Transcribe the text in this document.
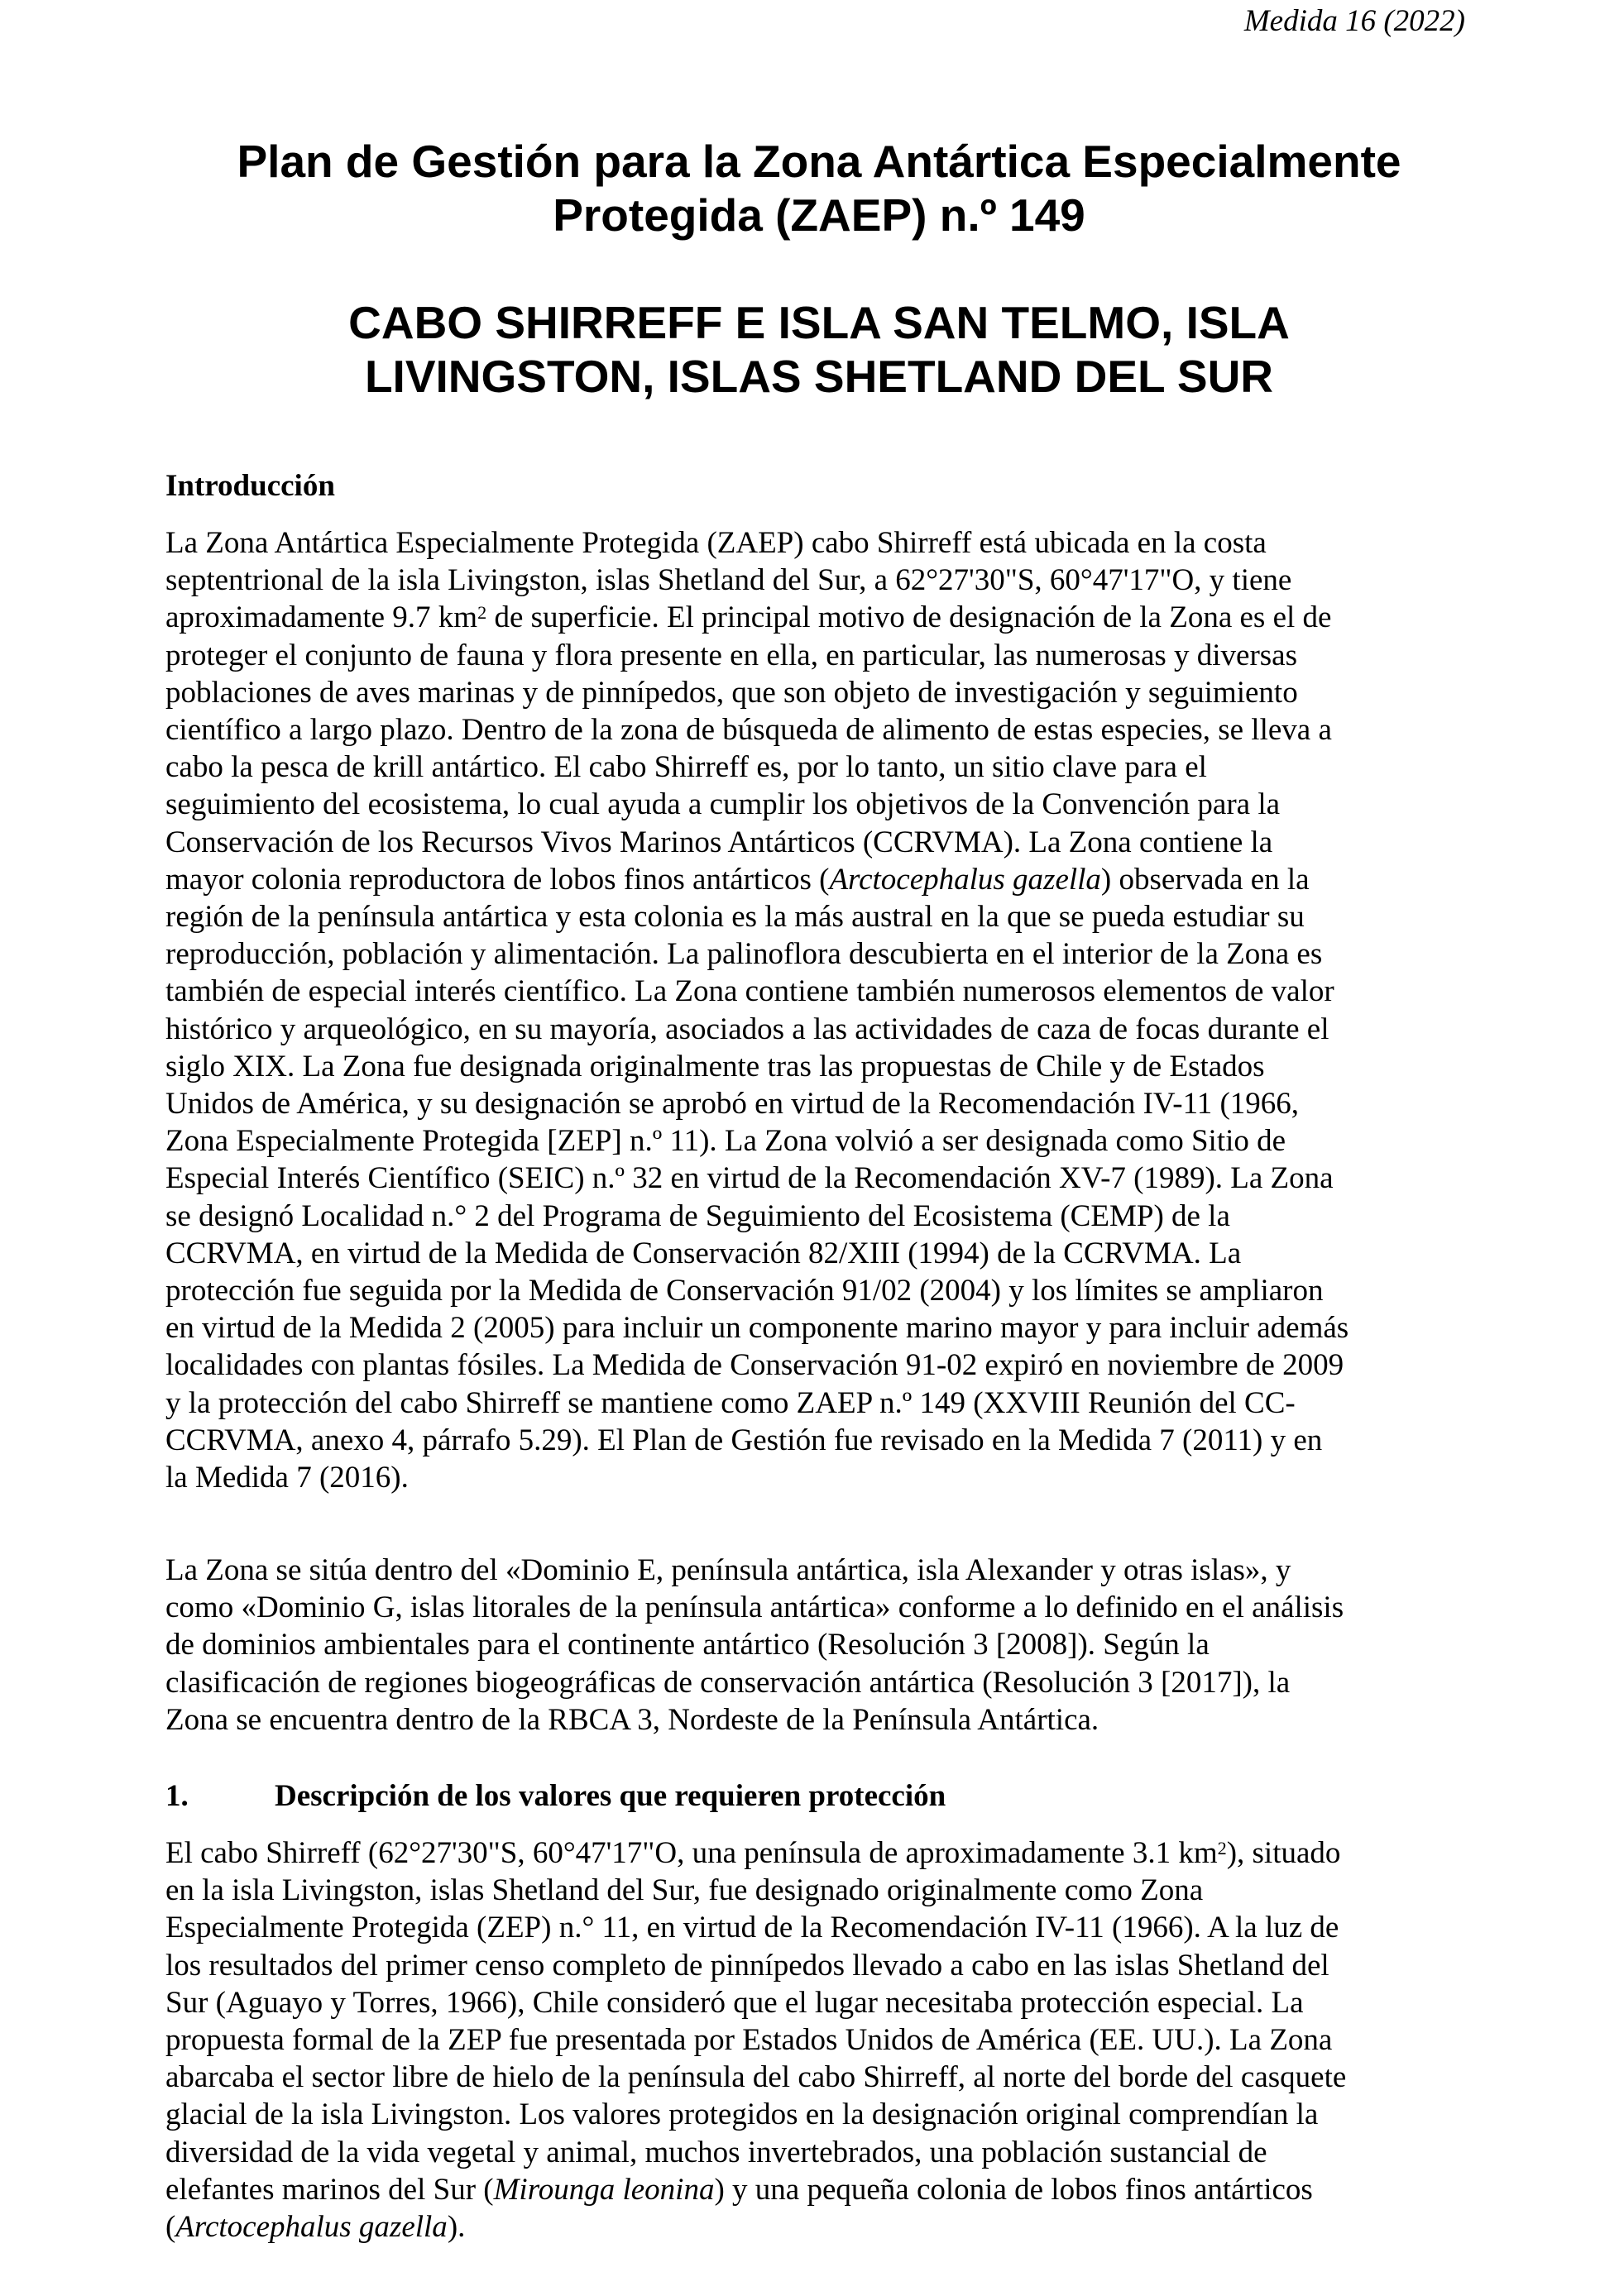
Medida 16 (2022)
Plan de Gestión para la Zona Antártica Especialmente
Protegida (ZAEP) n.º 149
CABO SHIRREFF E ISLA SAN TELMO, ISLA
LIVINGSTON, ISLAS SHETLAND DEL SUR
Introducción
La Zona Antártica Especialmente Protegida (ZAEP) cabo Shirreff está ubicada en la costa
septentrional de la isla Livingston, islas Shetland del Sur, a 62°27'30"S, 60°47'17"O, y tiene
aproximadamente 9.7 $km^2$ de superficie. El principal motivo de designación de la Zona es el de
proteger el conjunto de fauna y flora presente en ella, en particular, las numerosas y diversas
poblaciones de aves marinas y de pinnípedos, que son objeto de investigación y seguimiento
científico a largo plazo. Dentro de la zona de búsqueda de alimento de estas especies, se lleva a
cabo la pesca de krill antártico. El cabo Shirreff es, por lo tanto, un sitio clave para el
seguimiento del ecosistema, lo cual ayuda a cumplir los objetivos de la Convención para la
Conservación de los Recursos Vivos Marinos Antárticos (CCRVMA). La Zona contiene la
mayor colonia reproductora de lobos finos antárticos (Arctocephalus gazella) observada en la
región de la península antártica y esta colonia es la más austral en la que se pueda estudiar su
reproducción, población y alimentación. La palinoflora descubierta en el interior de la Zona es
también de especial interés científico. La Zona contiene también numerosos elementos de valor
histórico y arqueológico, en su mayoría, asociados a las actividades de caza de focas durante el
siglo XIX. La Zona fue designada originalmente tras las propuestas de Chile y de Estados
Unidos de América, y su designación se aprobó en virtud de la Recomendación IV-11 (1966,
Zona Especialmente Protegida [ZEP] n.º 11). La Zona volvió a ser designada como Sitio de
Especial Interés Científico (SEIC) n.º 32 en virtud de la Recomendación XV-7 (1989). La Zona
se designó Localidad n.° 2 del Programa de Seguimiento del Ecosistema (CEMP) de la
CCRVMA, en virtud de la Medida de Conservación 82/XIII (1994) de la CCRVMA. La
protección fue seguida por la Medida de Conservación 91/02 (2004) y los límites se ampliaron
en virtud de la Medida 2 (2005) para incluir un componente marino mayor y para incluir además
localidades con plantas fósiles. La Medida de Conservación 91-02 expiró en noviembre de 2009
y la protección del cabo Shirreff se mantiene como ZAEP n.º 149 (XXVIII Reunión del CC-
CCRVMA, anexo 4, párrafo 5.29). El Plan de Gestión fue revisado en la Medida 7 (2011) y en
la Medida 7 (2016).
La Zona se sitúa dentro del «Dominio E, península antártica, isla Alexander y otras islas», y
como «Dominio G, islas litorales de la península antártica» conforme a lo definido en el análisis
de dominios ambientales para el continente antártico (Resolución 3 [2008]). Según la
clasificación de regiones biogeográficas de conservación antártica (Resolución 3 [2017]), la
Zona se encuentra dentro de la RBCA 3, Nordeste de la Península Antártica.
1.	Descripción de los valores que requieren protección
El cabo Shirreff (62°27'30"S, 60°47'17"O, una península de aproximadamente 3.1 $km^2$), situado
en la isla Livingston, islas Shetland del Sur, fue designado originalmente como Zona
Especialmente Protegida (ZEP) n.° 11, en virtud de la Recomendación IV-11 (1966). A la luz de
los resultados del primer censo completo de pinnípedos llevado a cabo en las islas Shetland del
Sur (Aguayo y Torres, 1966), Chile consideró que el lugar necesitaba protección especial. La
propuesta formal de la ZEP fue presentada por Estados Unidos de América (EE. UU.). La Zona
abarcaba el sector libre de hielo de la península del cabo Shirreff, al norte del borde del casquete
glacial de la isla Livingston. Los valores protegidos en la designación original comprendían la
diversidad de la vida vegetal y animal, muchos invertebrados, una población sustancial de
elefantes marinos del Sur (Mirounga leonina) y una pequeña colonia de lobos finos antárticos
(Arctocephalus gazella).
